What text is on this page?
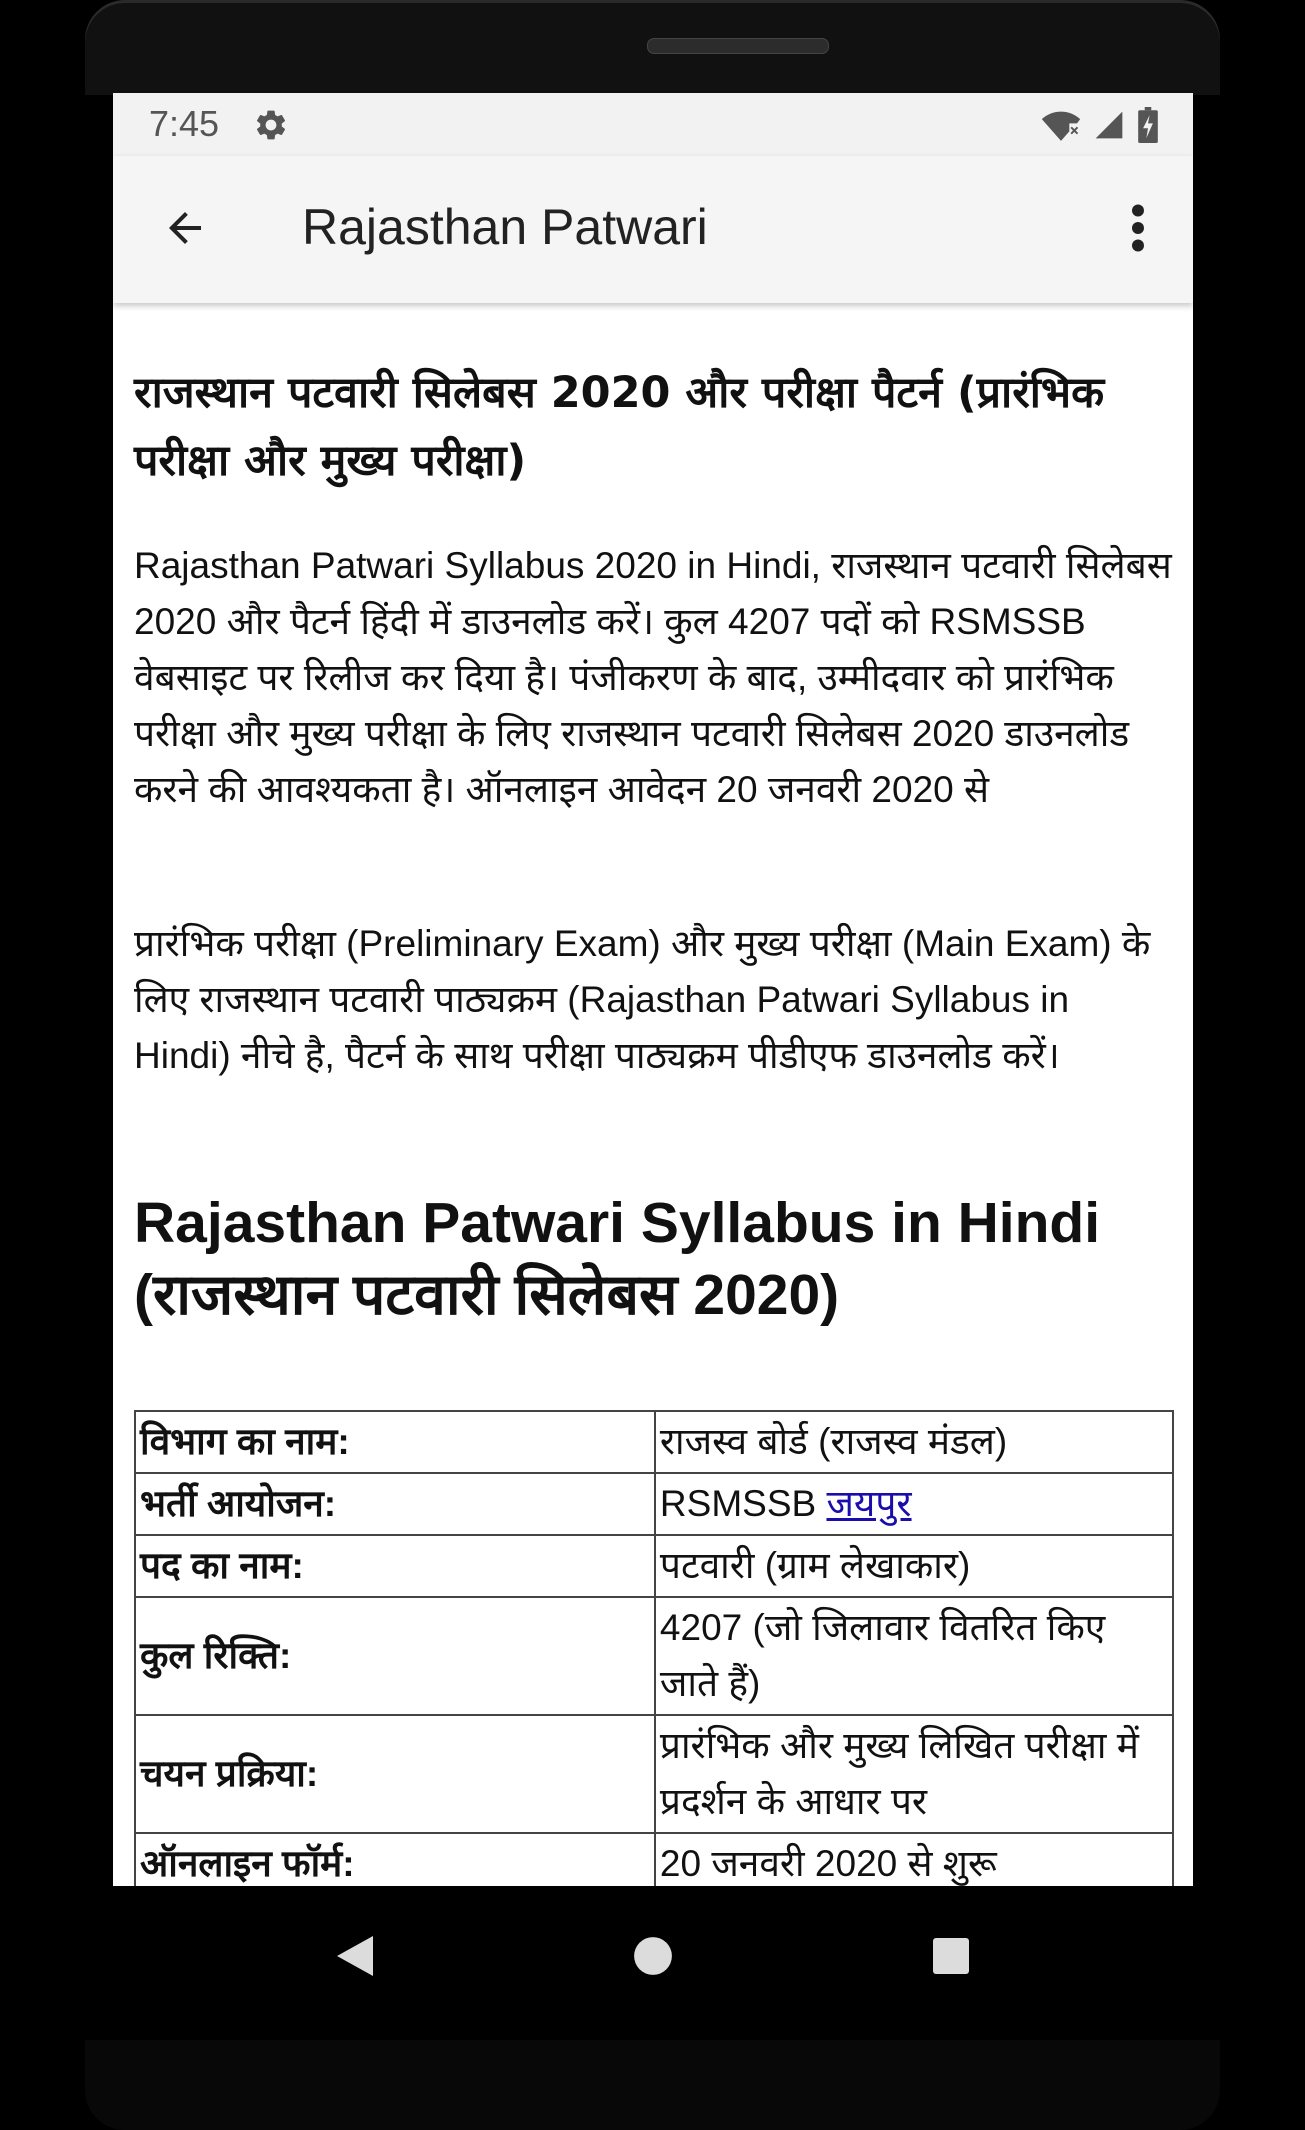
7:45
Rajasthan Patwari
राजस्थान पटवारी सिलेबस 2020 और परीक्षा पैटर्न (प्रारंभिक परीक्षा और मुख्य परीक्षा)

Rajasthan Patwari Syllabus 2020 in Hindi, राजस्थान पटवारी सिलेबस 2020 और पैटर्न हिंदी में डाउनलोड करें। कुल 4207 पदों को RSMSSB वेबसाइट पर रिलीज कर दिया है। पंजीकरण के बाद, उम्मीदवार को प्रारंभिक परीक्षा और मुख्य परीक्षा के लिए राजस्थान पटवारी सिलेबस 2020 डाउनलोड करने की आवश्यकता है। ऑनलाइन आवेदन 20 जनवरी 2020 से

प्रारंभिक परीक्षा (Preliminary Exam) और मुख्य परीक्षा (Main Exam) के लिए राजस्थान पटवारी पाठ्यक्रम (Rajasthan Patwari Syllabus in Hindi) नीचे है, पैटर्न के साथ परीक्षा पाठ्यक्रम पीडीएफ डाउनलोड करें।

Rajasthan Patwari Syllabus in Hindi (राजस्थान पटवारी सिलेबस 2020)
विभाग का नाम:	राजस्व बोर्ड (राजस्व मंडल)
भर्ती आयोजन:	RSMSSB जयपुर
पद का नाम:	पटवारी (ग्राम लेखाकार)
कुल रिक्ति:	4207 (जो जिलावार वितरित किए जाते हैं)
चयन प्रक्रिया:	प्रारंभिक और मुख्य लिखित परीक्षा में प्रदर्शन के आधार पर
ऑनलाइन फॉर्म:	20 जनवरी 2020 से शुरू
